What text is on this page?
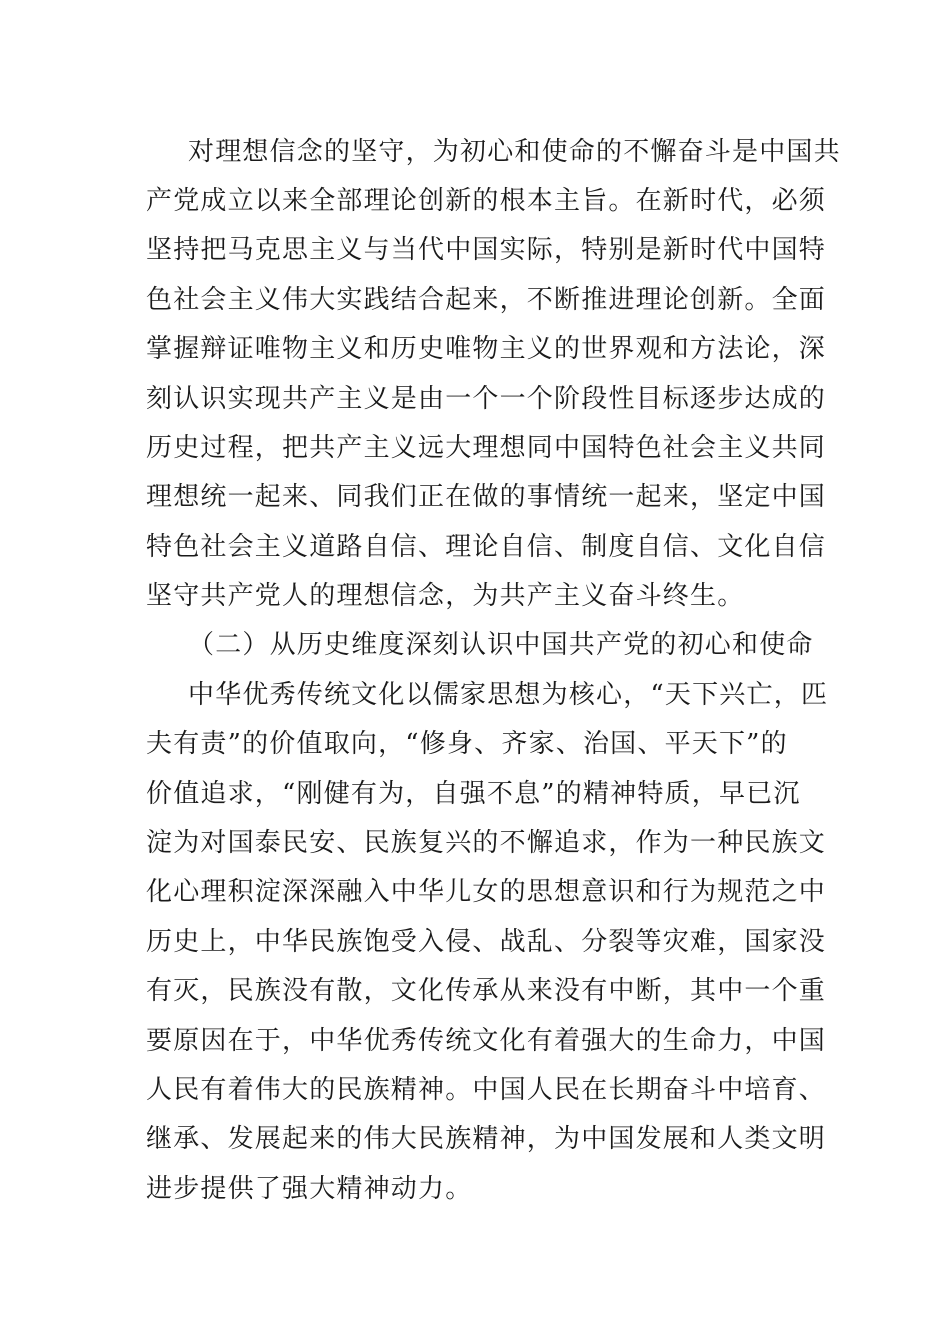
对理想信念的坚守，为初心和使命的不懈奋斗是中国共
产党成立以来全部理论创新的根本主旨。在新时代，必须
坚持把马克思主义与当代中国实际，特别是新时代中国特
色社会主义伟大实践结合起来，不断推进理论创新。全面
掌握辩证唯物主义和历史唯物主义的世界观和方法论，深
刻认识实现共产主义是由一个一个阶段性目标逐步达成的
历史过程，把共产主义远大理想同中国特色社会主义共同
理想统一起来、同我们正在做的事情统一起来，坚定中国
特色社会主义道路自信、理论自信、制度自信、文化自信
坚守共产党人的理想信念，为共产主义奋斗终生。
（二）从历史维度深刻认识中国共产党的初心和使命
中华优秀传统文化以儒家思想为核心，“天下兴亡，匹
夫有责”的价值取向，“修身、齐家、治国、平天下”的
价值追求，“刚健有为，自强不息”的精神特质，早已沉
淀为对国泰民安、民族复兴的不懈追求，作为一种民族文
化心理积淀深深融入中华儿女的思想意识和行为规范之中
历史上，中华民族饱受入侵、战乱、分裂等灾难，国家没
有灭，民族没有散，文化传承从来没有中断，其中一个重
要原因在于，中华优秀传统文化有着强大的生命力，中国
人民有着伟大的民族精神。中国人民在长期奋斗中培育、
继承、发展起来的伟大民族精神，为中国发展和人类文明
进步提供了强大精神动力。
